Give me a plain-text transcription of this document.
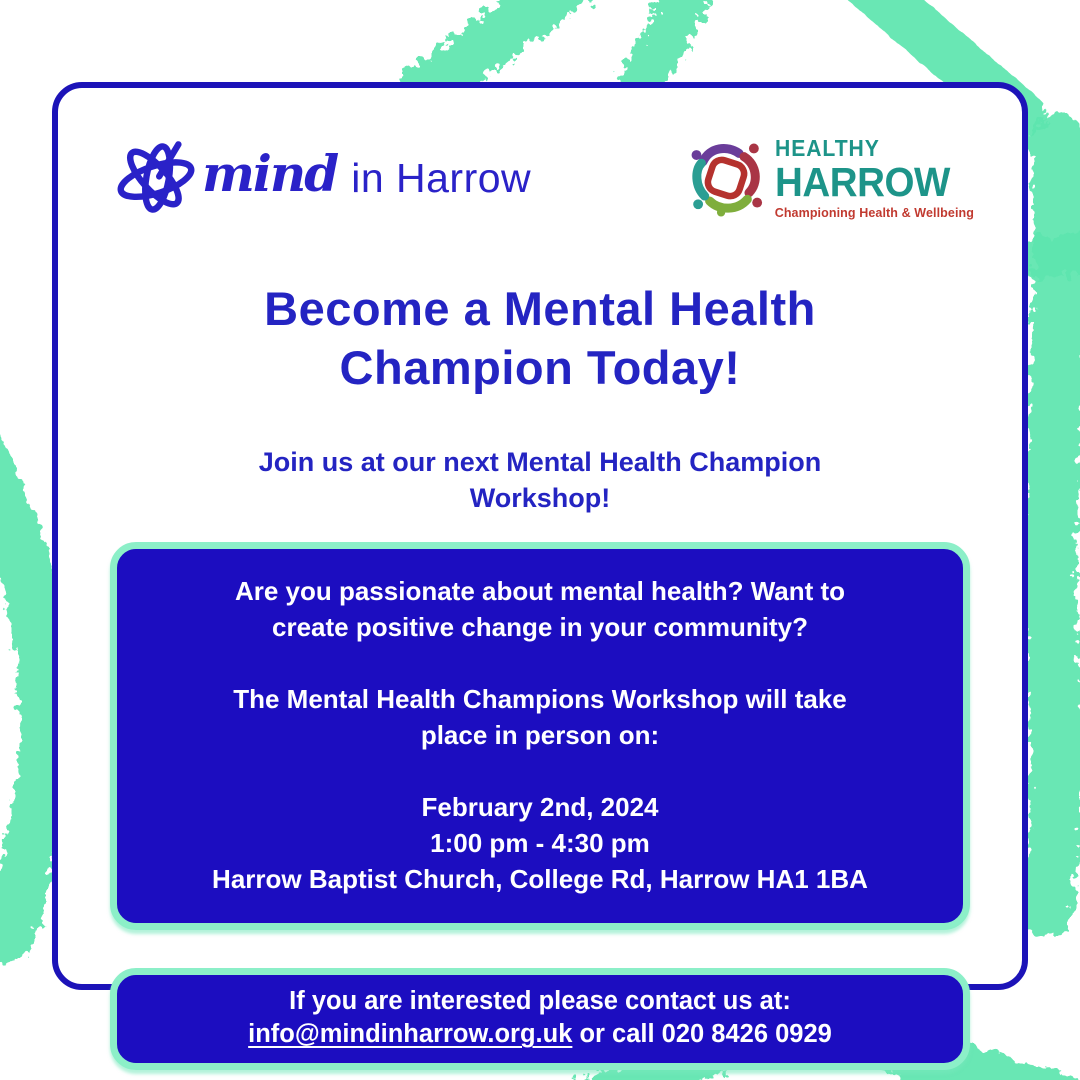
mind in Harrow
HEALTHY
HARROW
Championing Health & Wellbeing
Become a Mental Health
Champion Today!
Join us at our next Mental Health Champion
Workshop!
Are you passionate about mental health? Want to
create positive change in your community?
The Mental Health Champions Workshop will take
place in person on:
February 2nd, 2024
1:00 pm - 4:30 pm
Harrow Baptist Church, College Rd, Harrow HA1 1BA
If you are interested please contact us at:
info@mindinharrow.org.uk or call 020 8426 0929
